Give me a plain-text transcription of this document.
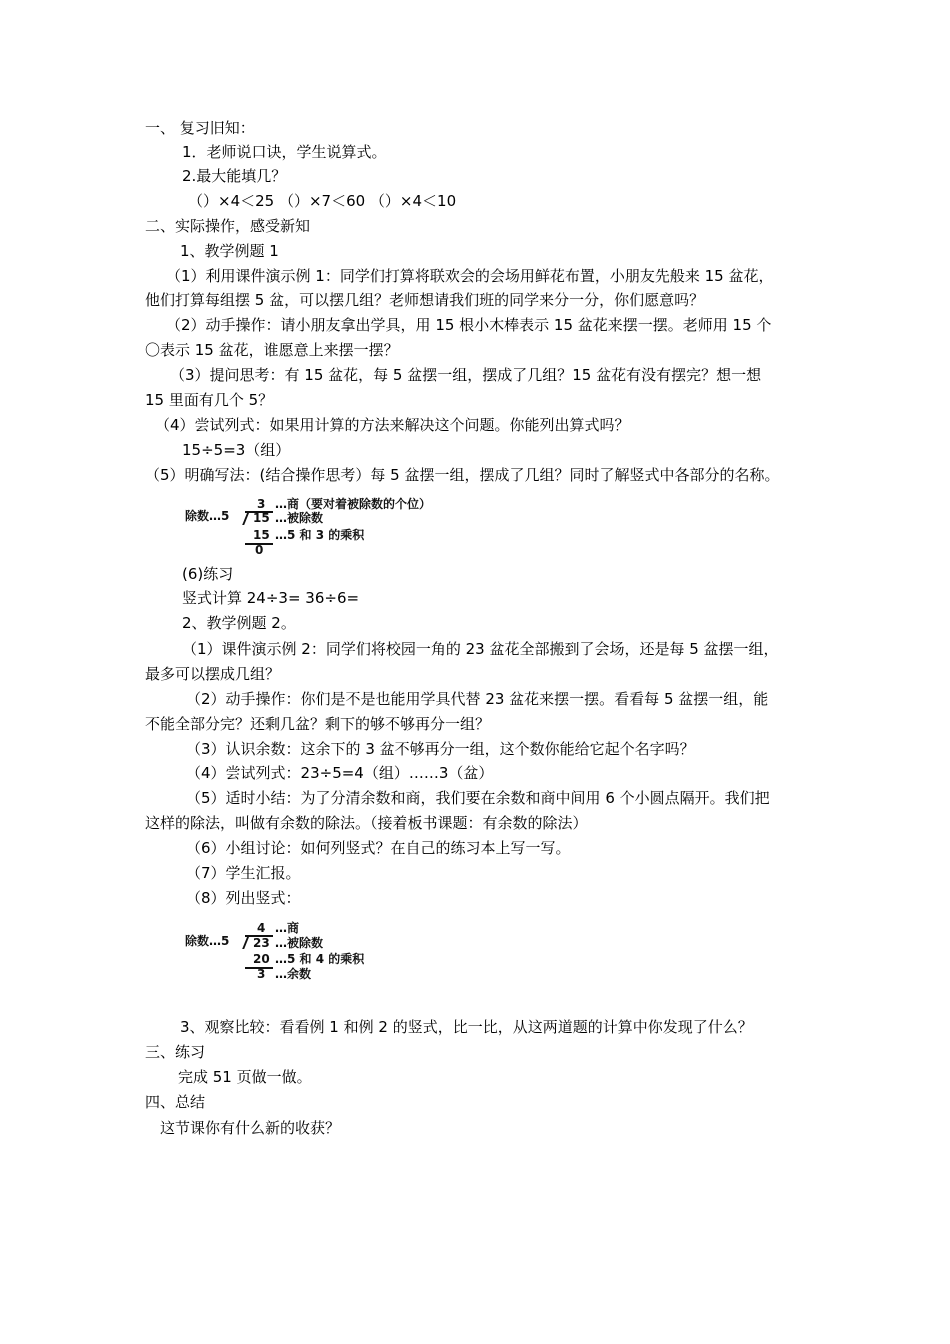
一、 复习旧知：
1．老师说口诀，学生说算式。
2.最大能填几？
（）×4＜25 （）×7＜60 （）×4＜10
二、实际操作，感受新知
1、教学例题 1
（1）利用课件演示例 1：同学们打算将联欢会的会场用鲜花布置，小朋友先般来 15 盆花，
他们打算每组摆 5 盆，可以摆几组？老师想请我们班的同学来分一分，你们愿意吗？
（2）动手操作：请小朋友拿出学具，用 15 根小木棒表示 15 盆花来摆一摆。老师用 15 个
〇表示 15 盆花，谁愿意上来摆一摆？
（3）提问思考：有 15 盆花，每 5 盆摆一组，摆成了几组？15 盆花有没有摆完？想一想
15 里面有几个 5？
（4）尝试列式：如果用计算的方法来解决这个问题。你能列出算式吗？
15÷5=3（组）
（5）明确写法：(结合操作思考）每 5 盆摆一组，摆成了几组？同时了解竖式中各部分的名称。
(6)练习
竖式计算 24÷3= 36÷6=
2、教学例题 2。
（1）课件演示例 2：同学们将校园一角的 23 盆花全部搬到了会场，还是每 5 盆摆一组，
最多可以摆成几组？
（2）动手操作：你们是不是也能用学具代替 23 盆花来摆一摆。看看每 5 盆摆一组，能
不能全部分完？还剩几盆？剩下的够不够再分一组？
（3）认识余数：这余下的 3 盆不够再分一组，这个数你能给它起个名字吗？
（4）尝试列式：23÷5=4（组）……3（盆）
（5）适时小结：为了分清余数和商，我们要在余数和商中间用 6 个小圆点隔开。我们把
这样的除法，叫做有余数的除法。（接着板书课题：有余数的除法）
（6）小组讨论：如何列竖式？在自己的练习本上写一写。
（7）学生汇报。
（8）列出竖式：
3、观察比较：看看例 1 和例 2 的竖式，比一比，从这两道题的计算中你发现了什么？
三、练习
完成 51 页做一做。
四、总结
这节课你有什么新的收获？
除数…5
3 …商（要对着被除数的个位）
15 …被除数
15 …5 和 3 的乘积
0
除数…5
4 …商
23 …被除数
20 …5 和 4 的乘积
3 …余数
